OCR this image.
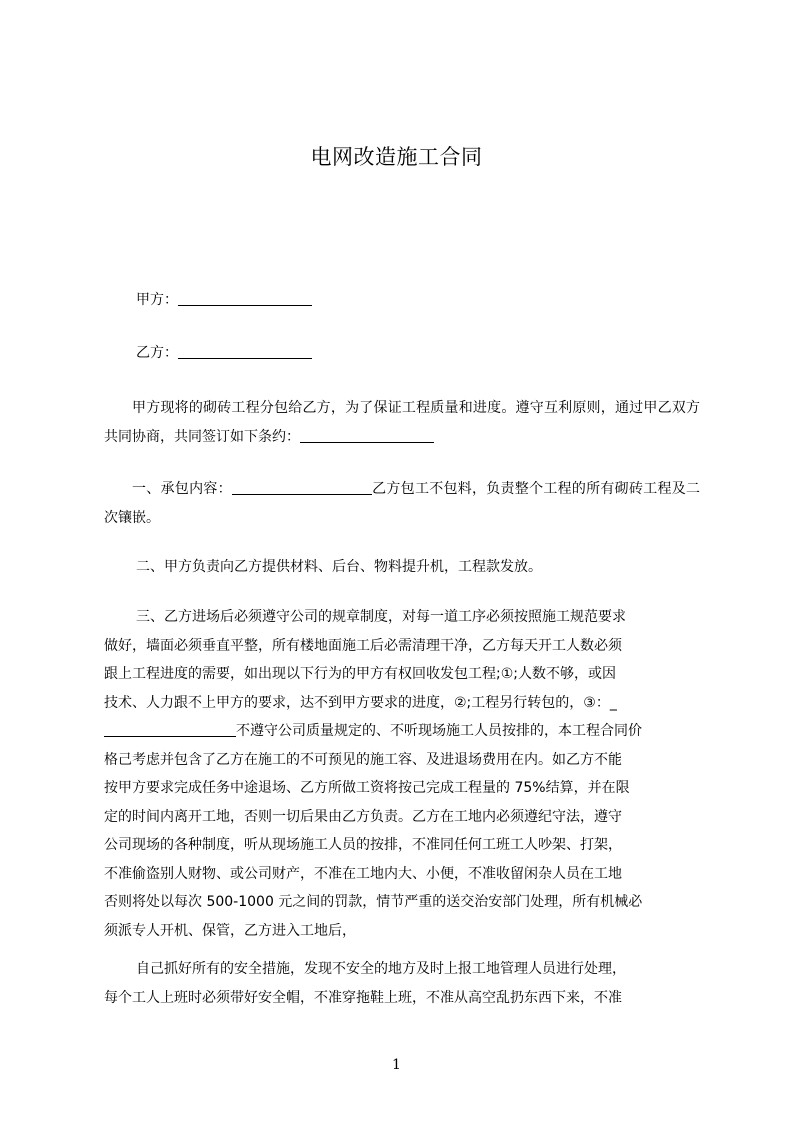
电网改造施工合同
甲方：
乙方：
甲方现将的砌砖工程分包给乙方，为了保证工程质量和进度。遵守互利原则，通过甲乙双方共同协商，共同签订如下条约：
一、承包内容：	乙方包工不包料，负责整个工程的所有砌砖工程及二次镶嵌。
二、甲方负责向乙方提供材料、后台、物料提升机，工程款发放。
三、乙方进场后必须遵守公司的规章制度，对每一道工序必须按照施工规范要求
做好，墙面必须垂直平整，所有楼地面施工后必需清理干净，乙方每天开工人数必须
跟上工程进度的需要，如出现以下行为的甲方有权回收发包工程;①;人数不够，或因
技术、人力跟不上甲方的要求，达不到甲方要求的进度，②;工程另行转包的，③：_
不遵守公司质量规定的、不听现场施工人员按排的，本工程合同价
格己考虑并包含了乙方在施工的不可预见的施工容、及进退场费用在内。如乙方不能
按甲方要求完成任务中途退场、乙方所做工资将按己完成工程量的 75%结算，并在限
定的时间内离开工地，否则一切后果由乙方负责。乙方在工地内必须遵纪守法，遵守
公司现场的各种制度，听从现场施工人员的按排，不准同任何工班工人吵架、打架，
不准偷盗别人财物、或公司财产，不准在工地内大、小便，不准收留闲杂人员在工地
否则将处以每次 500-1000 元之间的罚款，情节严重的送交治安部门处理，所有机械必
须派专人开机、保管，乙方进入工地后，
自己抓好所有的安全措施，发现不安全的地方及时上报工地管理人员进行处理，
每个工人上班时必须带好安全帽，不准穿拖鞋上班，不准从高空乱扔东西下来，不准
1
